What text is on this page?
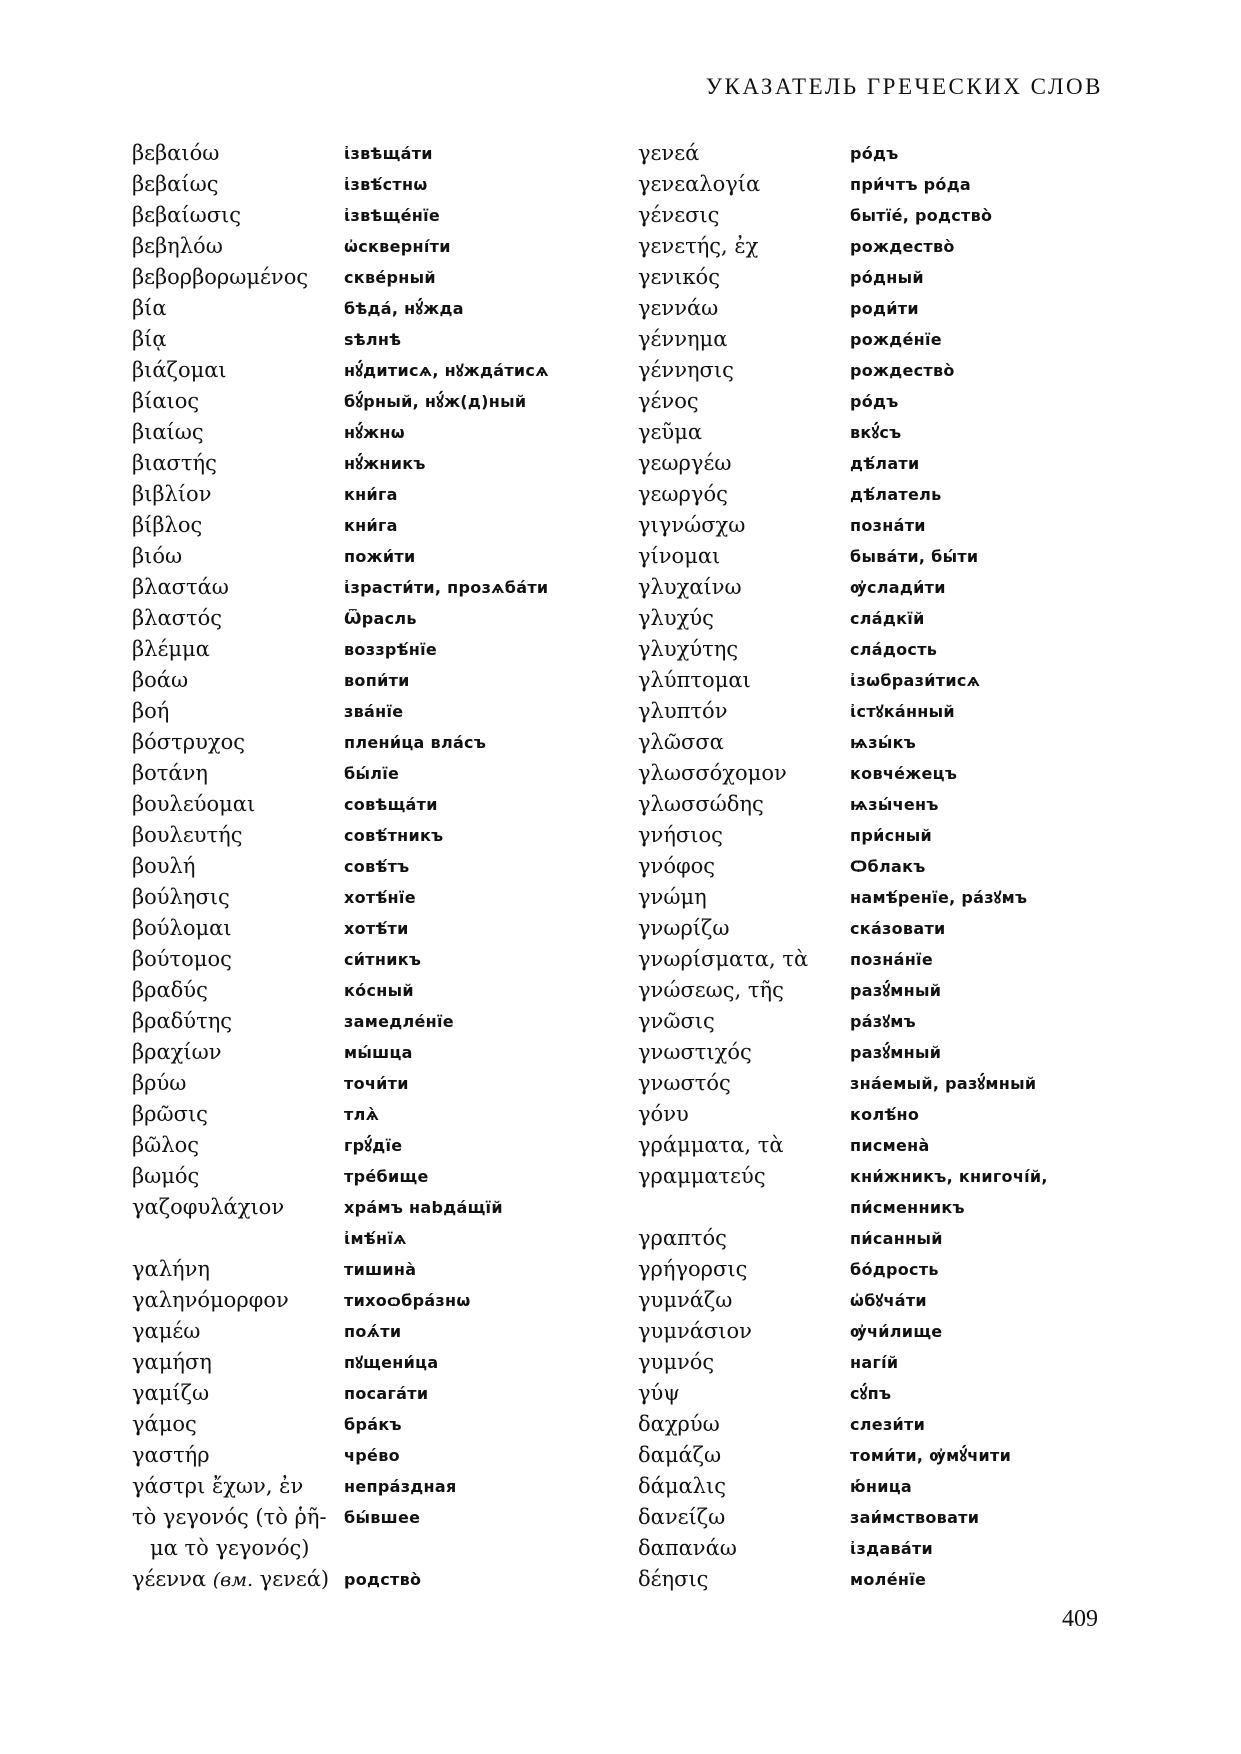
УКАЗАТЕЛЬ ГРЕЧЕСКИХ СЛОВ
βεβαιόω	ἰзвѣщáти
βεβαίως	ἰзвѣ́стнѡ
βεβαίωσις	ἰзвѣщéнїе
βεβηλόω	ѡ҆сквернíти
βεβορβορωμένος	скве́рный
βία	бѣдá, нꙋ́ждa
βίᾳ	ѕѣлнѣ
βιάζομαι	нꙋ́дитисѧ, нꙋждáтисѧ
βίαιος	бꙋ́рный, нꙋ́ж(д)ный
βιαίως	нꙋ́жнѡ
βιαστής	нꙋ́жникъ
βιβλίον	кни́га
βίβλος	кни́га
βιόω	пожи́ти
βλαστάω	ἰзрасти́ти, прозѧбáти
βλαστός	Ѿрасль
βλέμμα	воззрѣ́нїе
βοάω	вопи́ти
βοή	звáнїе
βόστρυχος	плени́ца влáсъ
βοτάνη	бы́лїе
βουλεύομαι	совѣщáти
βουλευτής	совѣ́тникъ
βουλή	совѣ́тъ
βούλησις	хотѣ́нїе
βούλομαι	хотѣ́ти
βούτομος	си́тникъ
βραδύς	ко́сный
βραδύτης	замедлéнїе
βραχίων	мы́шца
βρύω	точи́ти
βρῶσις	тлѧ̀
βῶλος	грꙋ́дїе
βωμός	трéбище
γαζοφυλάχιον	хрáмъ нabдáщїй
ἰмѣ́нїѧ
γαλήνη	тишинà
γαληνόμορφον	тихоѻбрáзнѡ
γαμέω	поѧ́ти
γαμήση	пꙋщени́ца
γαμίζω	посагáти
γάμος	брáкъ
γαστήρ	чрéво
γάστρι ἔχων, ἐν	непрáздная
τὸ γεγονός (τὸ ῥῆ-	бы́вшее
μα τὸ γεγονός)
γέεννα (вм. γενεά) родство̀
γενεά	ро́дъ
γενεαλογία	при́чтъ ро́да
γένεσις	бытїé, родство̀
γενετής, ἐχ	рождество̀
γενικός	ро́дный
γεννάω	роди́ти
γέννημα	рождéнїе
γέννησις	рождество̀
γένος	ро́дъ
γεῦμα	вкꙋ́съ
γεωργέω	дѣ́лати
γεωργός	дѣ́латель
γιγνώσχω	познáти
γίνομαι	бывáти, бы́ти
γλυχαίνω	ѹ҆слади́ти
γλυχύς	слáдкїй
γλυχύτης	слáдость
γλύπτομαι	ἰзѡбрази́тисѧ
γλυπτόν	ἰстꙋкáнный
γλῶσσα	ѩзы́къ
γλωσσόχομον	ковчéжецъ
γλωσσώδης	ѩзы́ченъ
γνήσιος	при́сный
γνόφος	Ѻблакъ
γνώμη	намѣ́ренїе, рáзꙋмъ
γνωρίζω	скáзовати
γνωρίσματα, τὰ	познáнїе
γνώσεως, τῆς	разꙋ́мный
γνῶσις	рáзꙋмъ
γνωστιχός	разꙋ́мный
γνωστός	знáемый, разꙋ́мный
γόνυ	колѣ́но
γράμματα, τὰ	писменà
γραμματεύς	кни́жникъ, книгочі́й,
пи́сменникъ
γραπτός	пи́санный
γρήγορσις	бо́дрость
γυμνάζω	ѡ҆бꙋчáти
γυμνάσιον	ѹ҆чи́лище
γυμνός	нагі́й
γύψ	сꙋ́пъ
δαχρύω	слези́ти
δαμάζω	томи́ти, ѹ҆мꙋ́чити
δάμαλις	ю҆́ница
δανείζω	заи́мствовати
δαπανάω	ἰздавáти
δέησις	молéнїе
409
